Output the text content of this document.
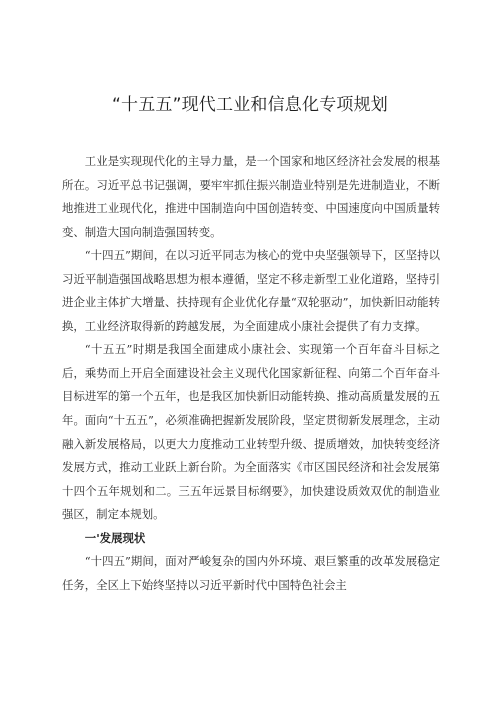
“十五五”现代工业和信息化专项规划

工业是实现现代化的主导力量，是一个国家和地区经济社会发展的根基所在。习近平总书记强调，要牢牢抓住振兴制造业特别是先进制造业，不断地推进工业现代化，推进中国制造向中国创造转变、中国速度向中国质量转变、制造大国向制造强国转变。

“十四五”期间，在以习近平同志为核心的党中央坚强领导下，区坚持以习近平制造强国战略思想为根本遵循，坚定不移走新型工业化道路，坚持引进企业主体扩大增量、扶持现有企业优化存量“双轮驱动”，加快新旧动能转换，工业经济取得新的跨越发展，为全面建成小康社会提供了有力支撑。

“十五五”时期是我国全面建成小康社会、实现第一个百年奋斗目标之后，乘势而上开启全面建设社会主义现代化国家新征程、向第二个百年奋斗目标进军的第一个五年，也是我区加快新旧动能转换、推动高质量发展的五年。面向“十五五”，必须准确把握新发展阶段，坚定贯彻新发展理念，主动融入新发展格局，以更大力度推动工业转型升级、提质增效，加快转变经济发展方式，推动工业跃上新台阶。为全面落实《市区国民经济和社会发展第十四个五年规划和二。三五年远景目标纲要》，加快建设质效双优的制造业强区，制定本规划。

一'发展现状

“十四五”期间，面对严峻复杂的国内外环境、艰巨繁重的改革发展稳定任务，全区上下始终坚持以习近平新时代中国特色社会主
